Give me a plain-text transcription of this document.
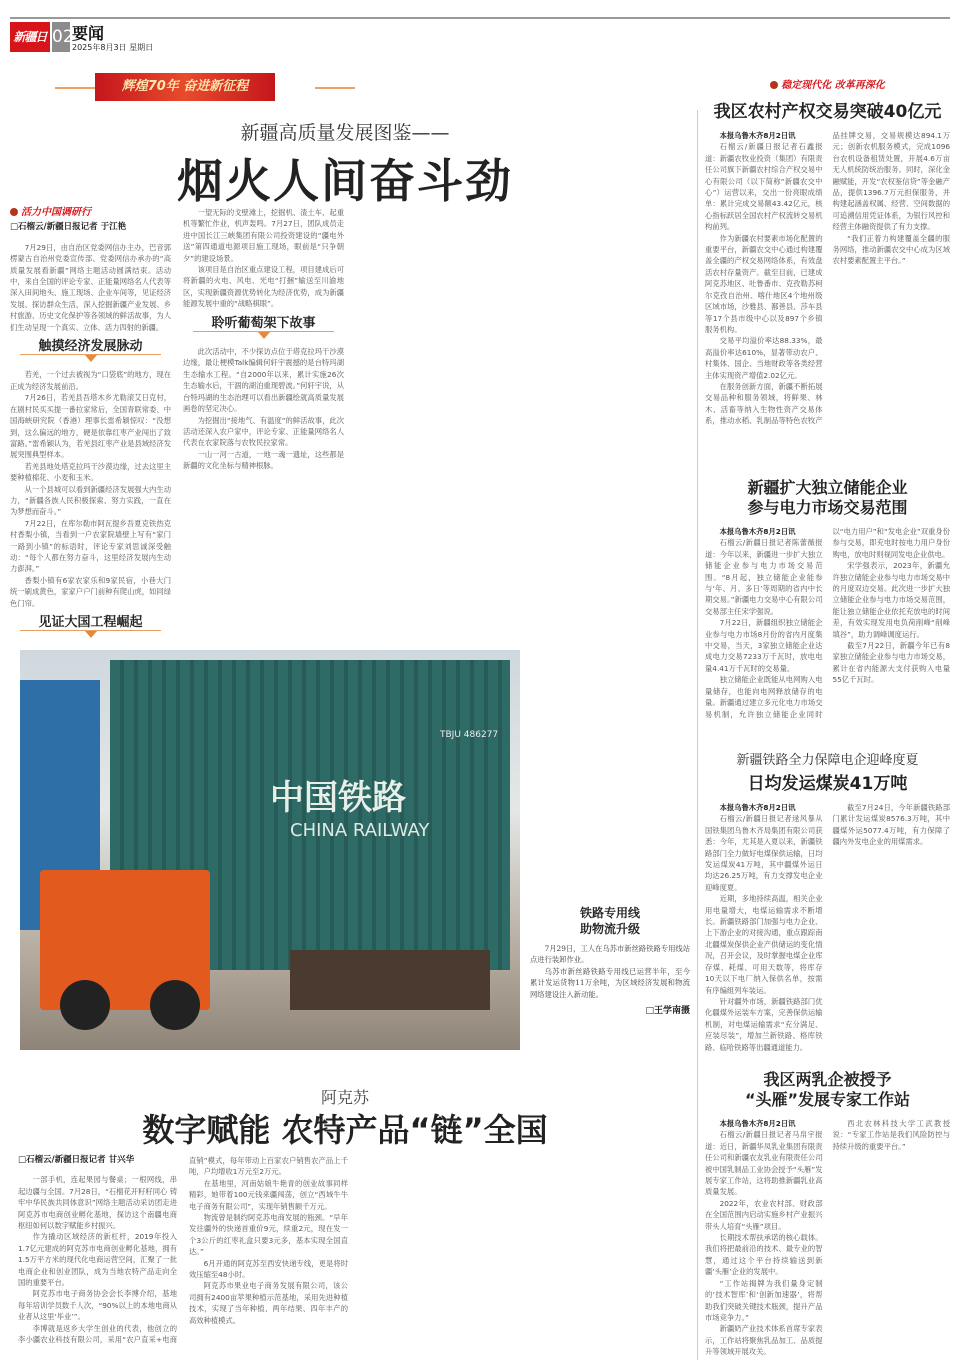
新疆日报
02
要闻
2025年8月3日 星期日
辉煌70年 奋进新征程
新疆高质量发展图鉴——
烟火人间奋斗劲
活力中国调研行
□石榴云/新疆日报记者 于江艳

7月29日，由自治区党委网信办主办，巴音郭楞蒙古自治州党委宣传部、党委网信办承办的“高质量发展看新疆”网络主题活动圆满结束。活动中，来自全国的评论专家、正能量网络名人代表等深入田间地头、施工现场、企业车间等，见证经济发展、探访群众生活，深入挖掘新疆产业发展、乡村旅游、历史文化保护等各领域的鲜活故事，为人们生动呈现一个真实、立体、活力四射的新疆。

触摸经济发展脉动

若羌，一个过去被视为“口袋底”的地方，现在正成为经济发展前沿。

7月26日，若羌县吾塔木乡尤勒滚艾日克村，在剧村民买买提一番拉家常后，全国青联常委、中国海峡研究院（香港）理事长雷希颖惊叹：“没想到，这么偏远的地方，硬是依靠红枣产业闯出了致富路。”雷希颖认为，若羌县红枣产业是县域经济发展突围典型样本。

若羌县地处塔克拉玛干沙漠边缘，过去这里主要种植棉花、小麦和玉米。

从一个县城可以看到新疆经济发展强大内生动力，“新疆各族人民积极探索、努力实践，一直在为梦想而奋斗。”

7月22日，在库尔勒市阿瓦提乡吾夏克铁热克村香梨小镇，当看到一户农家院墙壁上写有“家门一路到小镇”的标语时，评论专家刘思诚深受触动：“每个人都在努力奋斗，这里经济发展内生动力澎湃。”

香梨小镇有6家农家乐和9家民宿，小巷大门统一刷成黄色，家家户户门前种有爬山虎，如同绿色门帘。

见证大国工程崛起

一望无际的戈壁滩上，挖掘机、渣土车、起重机等繁忙作业，机声轰鸣。7月27日，团队成员走进中国长江三峡集团有限公司投资建设的“疆电外送”第四通道电源项目施工现场，眼前是“只争朝夕”的建设场景。

该项目是自治区重点建设工程，项目建成后可将新疆的火电、风电、光电“打捆”输送至川渝地区，实现新疆资源优势转化为经济优势，成为新疆能源发展中重的“战略棋眼”。

聆听葡萄架下故事

此次活动中，不少探访点位于塔克拉玛干沙漠边缘，最让梗模Talk编辑何轩宇震撼的是台特玛湖生态输水工程。“自2000年以来，累计实施26次生态输水后，干涸的湖泊重现碧波。”何轩宇说，从台特玛湖的生态治理可以看出新疆绘就高质量发展画卷的坚定决心。

为挖掘出“接地气、有温度”的鲜活故事，此次活动还深入农户家中，评论专家、正能量网络名人代表在农家院落与农牧民拉家常。

一山一河一古道，一地一魂一遗址，这些都是新疆的文化坐标与精神根脉。

中国铁路
CHINA RAILWAY
TBJU 486277
铁路专用线
助物流升级

7月29日，工人在乌苏市新丝路铁路专用线站点进行装卸作业。

乌苏市新丝路铁路专用线已运营半年，至今累计发运货物11万余吨，为区域经济发展和物流网络建设注入新动能。

□王学南摄
阿克苏
数字赋能 农特产品“链”全国
□石榴云/新疆日报记者 甘兴华

一部手机，连起果园与餐桌；一根网线，串起边疆与全国。7月28日，“石榴花开籽籽同心 铸牢中华民族共同体意识”网络主题活动采访团走进阿克苏市电商创业孵化基地，探访这个南疆电商枢纽如何以数字赋能乡村振兴。

作为撬动区域经济的新杠杆，2019年投入1.7亿元建成的阿克苏市电商创业孵化基地，拥有1.5万平方米的现代化电商运营空间，汇聚了一批电商企业和创业团队，成为当地农特产品走向全国的重要平台。

阿克苏市电子商务协会会长李博介绍，基地每年培训学员数千人次，“90%以上的本地电商从业者从这里‘毕业’”。

李博就是返乡大学生创业的代表，他创立的李小疆农业科技有限公司，采用“农户直采+电商直销”模式，每年带动上百家农户销售农产品上千吨，户均增收1万元至2万元。

在基地里，河南姑娘牛艳青的创业故事同样精彩，她带着100元钱来疆闯荡，创立“西域牛牛电子商务有限公司”，实现年销售额千万元。

物流曾是制约阿克苏电商发展的瓶颈。“早年发往疆外的快递首重价9元，续重2元，现在发一个3公斤的红枣礼盒只要3元多，基本实现全国直达。”

6月开通的阿克苏至西安快递专线，更是将时效压缩至48小时。

阿克苏市果业电子商务发展有限公司，该公司拥有2400亩苹果种植示范基地，采用先进种植技术，实现了当年种植、两年结果、四年丰产的高效种植模式。

稳定现代化 改革再深化
我区农村产权交易突破40亿元

本报乌鲁木齐8月2日讯

石榴云/新疆日报记者石鑫报道：新疆农牧业投资（集团）有限责任公司旗下新疆农村综合产权交易中心有限公司（以下简称“新疆农交中心”）运营以来，交出一份亮眼成绩单：累计完成交易额43.42亿元，核心指标跃居全国农村产权流转交易机构前列。

作为新疆农村要素市场化配置的重要平台，新疆农交中心通过构建覆盖全疆的产权交易网络体系，有效盘活农村存量资产。截至目前，已建成阿克苏地区、吐鲁番市、克孜勒苏柯尔克孜自治州、喀什地区4个地州级区域市场，沙雅县、鄯善县、莎车县等17个县市级中心以及897个乡镇服务机构。

交易平均溢价率达88.33%，最高溢价率达610%，显著带动农户、村集体、国企、当地财政等各类经营主体实现资产增值2.02亿元。

在服务创新方面，新疆不断拓展交易品种和服务领域，将鲜果、林木、活畜等纳入生物性资产交易体系，推动水稻、乳制品等特色农牧产品挂牌交易，交易规模达894.1万元；创新农机服务模式，完成1096台农机设备租赁处置，开展4.6万亩无人机统防统治服务。同时，深化金融赋能，开发“农权鉴信贷”等金融产品，提供1396.7万元担保服务，并构建起涵盖权属、经营、空间数据的可追溯信用凭证体系，为银行风控和经营主体融资提供了有力支撑。

“我们正着力构建覆盖全疆的服务网络，推动新疆农交中心成为区域农村要素配置主平台。”

新疆扩大独立储能企业
参与电力市场交易范围

本报乌鲁木齐8月2日讯

石榴云/新疆日报记者陈蕾薇报道：今年以来，新疆进一步扩大独立储能企业参与电力市场交易范围。“8月起，独立储能企业能参与‘年、月、多日’等周期的省内中长期交易。”新疆电力交易中心有限公司交易部主任宋学强说。

7月22日，新疆组织独立储能企业参与电力市场8月份的省内月度集中交易，当天，3家独立储能企业达成电力交易7233万千瓦时，放电电量4.41万千瓦时的交易量。

独立储能企业既能从电网购入电量储存，也能向电网释放储存的电量。新疆通过建立多元化电力市场交易机制，允许独立储能企业同时以“电力用户”和“发电企业”双重身份参与交易，即充电时按电力用户身份购电，放电时则视同发电企业供电。

宋学强表示，2023年，新疆允许独立储能企业参与电力市场交易中的月度双边交易。此次进一步扩大独立储能企业参与电力市场交易范围，能让独立储能企业依托充放电的时间差，有效实现发用电负荷削峰“削峰填谷”，助力调峰调度运行。

截至7月22日，新疆今年已有8家独立储能企业参与电力市场交易，累计在省内能源大支付获购入电量55亿千瓦时。

新疆铁路全力保障电企迎峰度夏
日均发运煤炭41万吨

本报乌鲁木齐8月2日讯

石榴云/新疆日报记者逯风暴从国铁集团乌鲁木齐局集团有限公司获悉：今年，尤其是入夏以来，新疆铁路部门全力做好电煤保供运输，日均发运煤炭41万吨，其中疆煤外运日均达26.25万吨，有力支撑发电企业迎峰度夏。

近期，多地持续高温，相关企业用电量增大，电煤运输需求不断增长。新疆铁路部门加强与电力企业、上下游企业的对接沟通，重点跟踪南北疆煤炭保供企业产供储运的变化情况，召开会议，及时掌握电煤企业库存煤、耗煤、可用天数等，将库存10天以下电厂纳入保供名单，按需有序编组列车装运。

针对疆外市场，新疆铁路部门优化疆煤外运装车方案，完善保供运输机制，对电煤运输需求“充分满足、应装尽装”，增加兰新铁路、格库铁路、临哈铁路等出疆通道能力。

截至7月24日，今年新疆铁路部门累计发运煤炭8576.3万吨，其中疆煤外运5077.4万吨，有力保障了疆内外发电企业的用煤需求。

我区两乳企被授予
“头雁”发展专家工作站

本报乌鲁木齐8月2日讯

石榴云/新疆日报记者马帛宇报道：近日，新疆华凤乳业集团有限责任公司和新疆农友乳业有限责任公司被中国乳制品工业协会授予“头雁”发展专家工作站，这将助推新疆乳业高质量发展。

2022年，农业农村部、财政部在全国范围内启动实施乡村产业振兴带头人培育“头雁”项目。

长期技术帮扶承诺的核心载体。我们将把最前沿的技术、最专业的智慧，通过这个平台持续输送到新疆‘头雁’企业的发展中。

“工作站揭牌为我们量身定制的‘技术智库’和‘创新加速器’，将帮助我们突破关键技术瓶颈，提升产品市场竞争力。”

新疆奶产业技术体系首席专家表示，工作站将聚焦乳品加工、品质提升等领域开展攻关。

西北农林科技大学工武教授说：“专家工作站是我们风险防控与持续升级的重要平台。”
